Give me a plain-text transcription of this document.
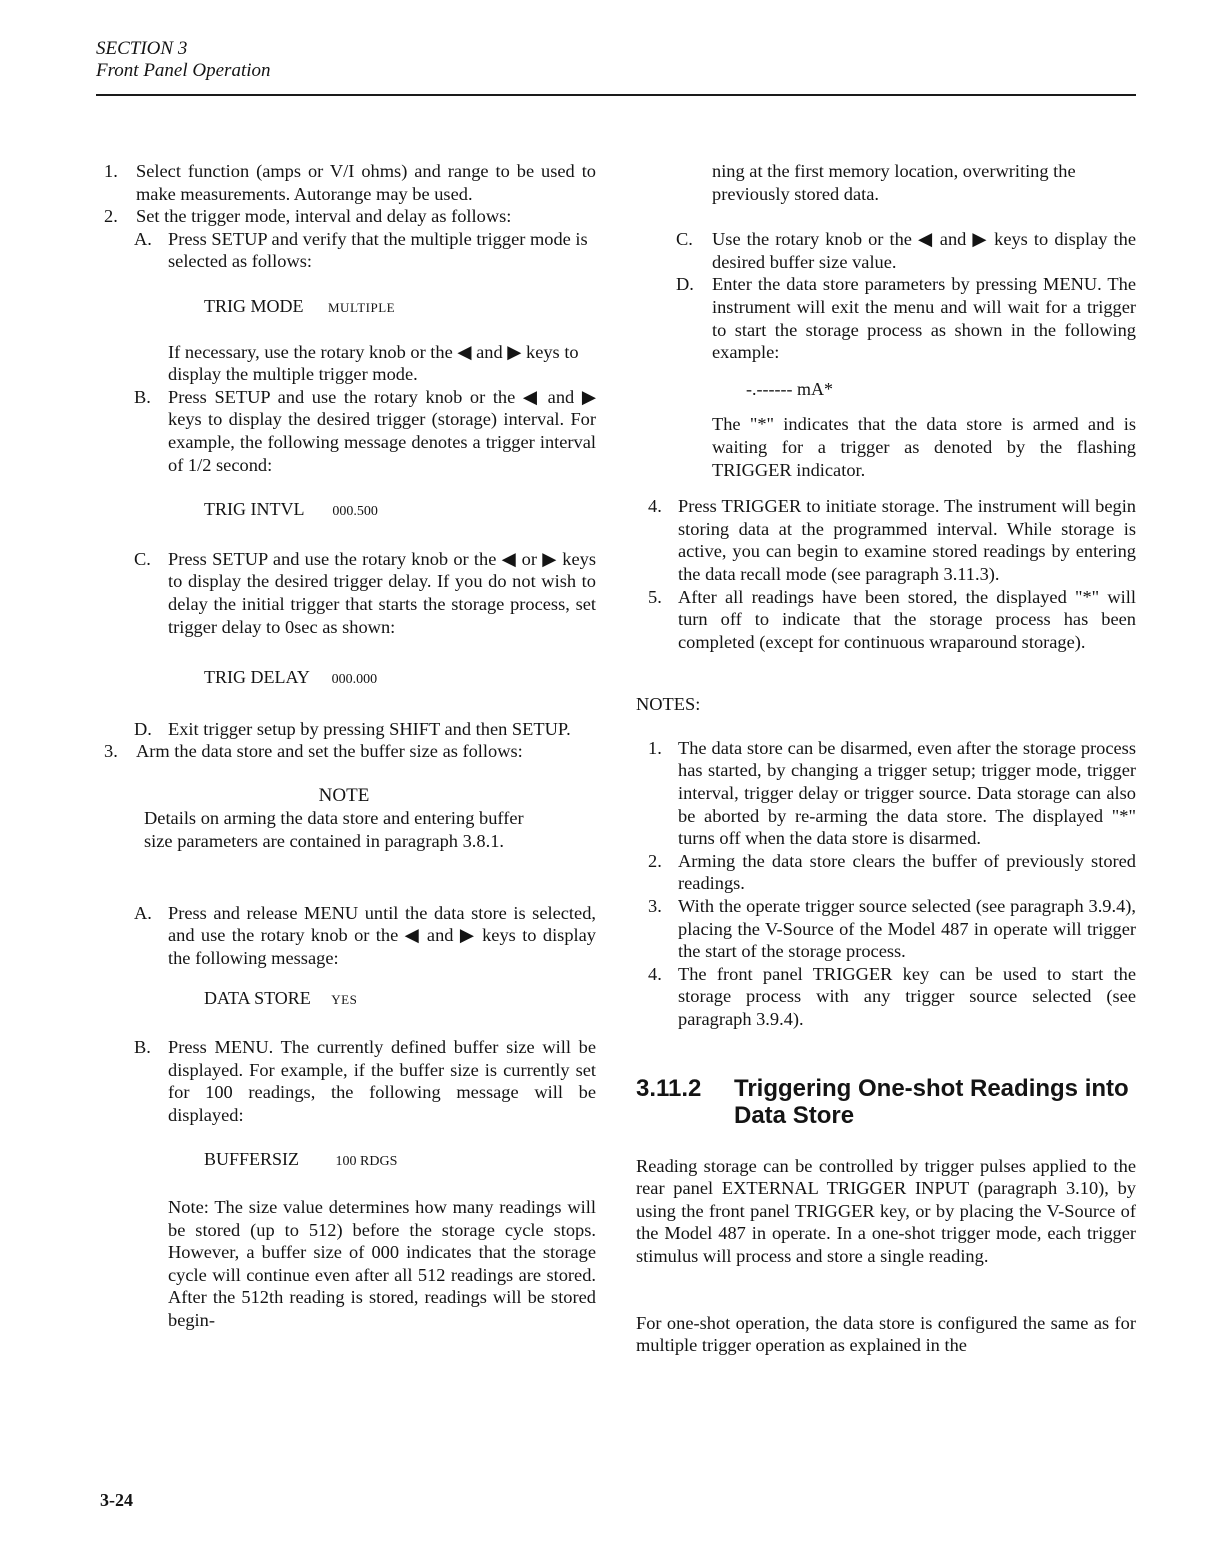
SECTION 3
Front Panel Operation
1. Select function (amps or V/I ohms) and range to be used to make measurements. Autorange may be used.
2. Set the trigger mode, interval and delay as follows:
A. Press SETUP and verify that the multiple trigger mode is selected as follows:
TRIG MODE MULTIPLE
If necessary, use the rotary knob or the ◀ and ▶ keys to display the multiple trigger mode.
B. Press SETUP and use the rotary knob or the ◀ and ▶ keys to display the desired trigger (storage) interval. For example, the following message denotes a trigger interval of 1/2 second:
TRIG INTVL 000.500
C. Press SETUP and use the rotary knob or the ◀ or ▶ keys to display the desired trigger delay. If you do not wish to delay the initial trigger that starts the storage process, set trigger delay to 0sec as shown:
TRIG DELAY 000.000
D. Exit trigger setup by pressing SHIFT and then SETUP.
3. Arm the data store and set the buffer size as follows:
NOTE
Details on arming the data store and entering buffer size parameters are contained in paragraph 3.8.1.
A. Press and release MENU until the data store is selected, and use the rotary knob or the ◀ and ▶ keys to display the following message:
DATA STORE YES
B. Press MENU. The currently defined buffer size will be displayed. For example, if the buffer size is currently set for 100 readings, the following message will be displayed:
BUFFERSIZ	100 RDGS
Note: The size value determines how many readings will be stored (up to 512) before the storage cycle stops. However, a buffer size of 000 indicates that the storage cycle will continue even after all 512 readings are stored. After the 512th reading is stored, readings will be stored begin-
ning at the first memory location, overwriting the previously stored data.
C. Use the rotary knob or the ◀ and ▶ keys to display the desired buffer size value.
D. Enter the data store parameters by pressing MENU. The instrument will exit the menu and will wait for a trigger to start the storage process as shown in the following example:
-.------ mA*
The "*" indicates that the data store is armed and is waiting for a trigger as denoted by the flashing TRIGGER indicator.
4. Press TRIGGER to initiate storage. The instrument will begin storing data at the programmed interval. While storage is active, you can begin to examine stored readings by entering the data recall mode (see paragraph 3.11.3).
5. After all readings have been stored, the displayed "*" will turn off to indicate that the storage process has been completed (except for continuous wraparound storage).
NOTES:
1. The data store can be disarmed, even after the storage process has started, by changing a trigger setup; trigger mode, trigger interval, trigger delay or trigger source. Data storage can also be aborted by re-arming the data store. The displayed "*" turns off when the data store is disarmed.
2. Arming the data store clears the buffer of previously stored readings.
3. With the operate trigger source selected (see paragraph 3.9.4), placing the V-Source of the Model 487 in operate will trigger the start of the storage process.
4. The front panel TRIGGER key can be used to start the storage process with any trigger source selected (see paragraph 3.9.4).
3.11.2 Triggering One-shot Readings into Data Store
Reading storage can be controlled by trigger pulses applied to the rear panel EXTERNAL TRIGGER INPUT (paragraph 3.10), by using the front panel TRIGGER key, or by placing the V-Source of the Model 487 in operate. In a one-shot trigger mode, each trigger stimulus will process and store a single reading.
For one-shot operation, the data store is configured the same as for multiple trigger operation as explained in the
3-24
